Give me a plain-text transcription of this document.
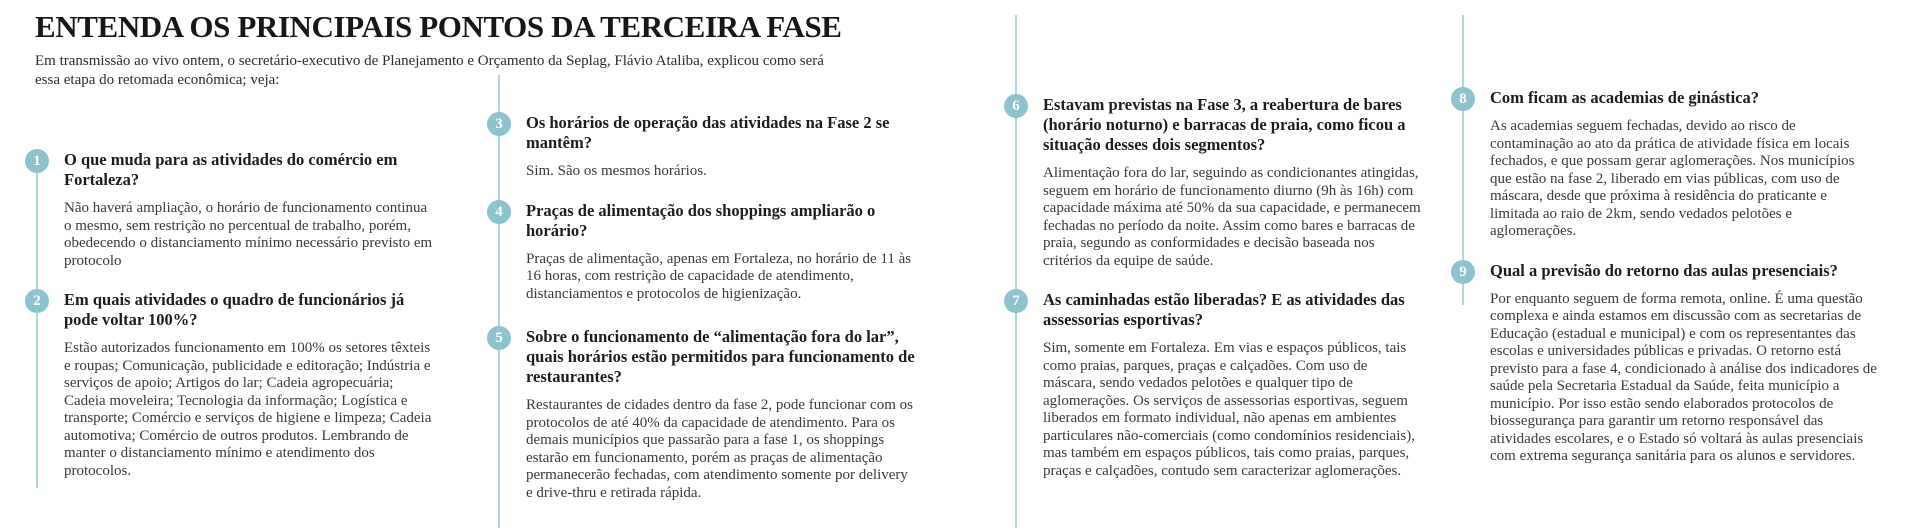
ENTENDA OS PRINCIPAIS PONTOS DA TERCEIRA FASE

Em transmissão ao vivo ontem, o secretário-executivo de Planejamento e Orçamento da Seplag, Flávio Ataliba, explicou como será
essa etapa do retomada econômica; veja:

1	O que muda para as atividades do comércio em Fortaleza?

Não haverá ampliação, o horário de funcionamento continua o mesmo, sem restrição no percentual de trabalho, porém, obedecendo o distanciamento mínimo necessário previsto em protocolo

2	Em quais atividades o quadro de funcionários já pode voltar 100%?

Estão autorizados funcionamento em 100% os setores têxteis e roupas; Comunicação, publicidade e editoração; Indústria e serviços de apoio; Artigos do lar; Cadeia agropecuária; Cadeia moveleira; Tecnologia da informação; Logística e transporte; Comércio e serviços de higiene e limpeza; Cadeia automotiva; Comércio de outros produtos. Lembrando de manter o distanciamento mínimo e atendimento dos protocolos.

3	Os horários de operação das atividades na Fase 2 se mantêm?

Sim. São os mesmos horários.

4	Praças de alimentação dos shoppings ampliarão o horário?

Praças de alimentação, apenas em Fortaleza, no horário de 11 às 16 horas, com restrição de capacidade de atendimento, distanciamentos e protocolos de higienização.

5	Sobre o funcionamento de “alimentação fora do lar”, quais horários estão permitidos para funcionamento de restaurantes?

Restaurantes de cidades dentro da fase 2, pode funcionar com os protocolos de até 40% da capacidade de atendimento. Para os demais municípios que passarão para a fase 1, os shoppings estarão em funcionamento, porém as praças de alimentação permanecerão fechadas, com atendimento somente por delivery e drive-thru e retirada rápida.

6	Estavam previstas na Fase 3, a reabertura de bares (horário noturno) e barracas de praia, como ficou a situação desses dois segmentos?

Alimentação fora do lar, seguindo as condicionantes atingidas, seguem em horário de funcionamento diurno (9h às 16h) com capacidade máxima até 50% da sua capacidade, e permanecem fechadas no período da noite. Assim como bares e barracas de praia, segundo as conformidades e decisão baseada nos critérios da equipe de saúde.

7	As caminhadas estão liberadas? E as atividades das assessorias esportivas?

Sim, somente em Fortaleza. Em vias e espaços públicos, tais como praias, parques, praças e calçadões. Com uso de máscara, sendo vedados pelotões e qualquer tipo de aglomerações. Os serviços de assessorias esportivas, seguem liberados em formato individual, não apenas em ambientes particulares não-comerciais (como condomínios residenciais), mas também em espaços públicos, tais como praias, parques, praças e calçadões, contudo sem caracterizar aglomerações.

8	Com ficam as academias de ginástica?

As academias seguem fechadas, devido ao risco de contaminação ao ato da prática de atividade física em locais fechados, e que possam gerar aglomerações. Nos municípios que estão na fase 2, liberado em vias públicas, com uso de máscara, desde que próxima à residência do praticante e limitada ao raio de 2km, sendo vedados pelotões e aglomerações.

9	Qual a previsão do retorno das aulas presenciais?

Por enquanto seguem de forma remota, online. É uma questão complexa e ainda estamos em discussão com as secretarias de Educação (estadual e municipal) e com os representantes das escolas e universidades públicas e privadas. O retorno está previsto para a fase 4, condicionado à análise dos indicadores de saúde pela Secretaria Estadual da Saúde, feita município a município. Por isso estão sendo elaborados protocolos de biossegurança para garantir um retorno responsável das atividades escolares, e o Estado só voltará às aulas presenciais com extrema segurança sanitária para os alunos e servidores.
